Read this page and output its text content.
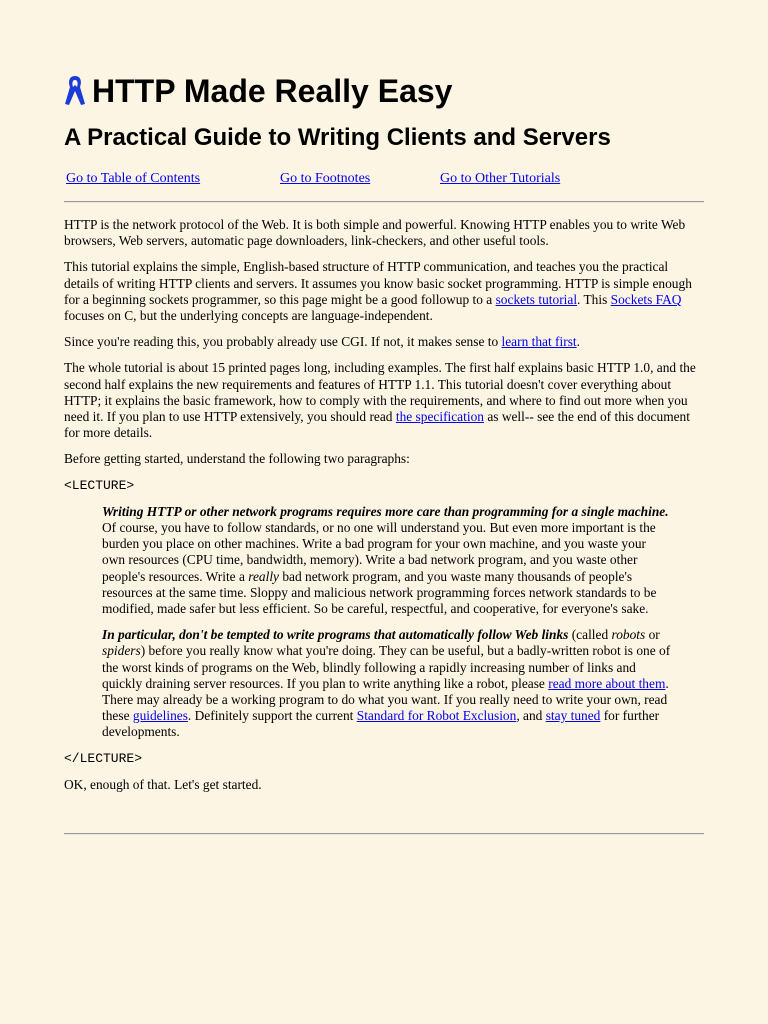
HTTP Made Really Easy
A Practical Guide to Writing Clients and Servers
Go to Table of Contents	Go to Footnotes	Go to Other Tutorials

HTTP is the network protocol of the Web. It is both simple and powerful. Knowing HTTP enables you to write Web browsers, Web servers, automatic page downloaders, link-checkers, and other useful tools.

This tutorial explains the simple, English-based structure of HTTP communication, and teaches you the practical details of writing HTTP clients and servers. It assumes you know basic socket programming. HTTP is simple enough for a beginning sockets programmer, so this page might be a good followup to a sockets tutorial. This Sockets FAQ focuses on C, but the underlying concepts are language-independent.

Since you're reading this, you probably already use CGI. If not, it makes sense to learn that first.

The whole tutorial is about 15 printed pages long, including examples. The first half explains basic HTTP 1.0, and the second half explains the new requirements and features of HTTP 1.1. This tutorial doesn't cover everything about HTTP; it explains the basic framework, how to comply with the requirements, and where to find out more when you need it. If you plan to use HTTP extensively, you should read the specification as well-- see the end of this document for more details.

Before getting started, understand the following two paragraphs:

<LECTURE>

Writing HTTP or other network programs requires more care than programming for a single machine. Of course, you have to follow standards, or no one will understand you. But even more important is the burden you place on other machines. Write a bad program for your own machine, and you waste your own resources (CPU time, bandwidth, memory). Write a bad network program, and you waste other people's resources. Write a really bad network program, and you waste many thousands of people's resources at the same time. Sloppy and malicious network programming forces network standards to be modified, made safer but less efficient. So be careful, respectful, and cooperative, for everyone's sake.

In particular, don't be tempted to write programs that automatically follow Web links (called robots or spiders) before you really know what you're doing. They can be useful, but a badly-written robot is one of the worst kinds of programs on the Web, blindly following a rapidly increasing number of links and quickly draining server resources. If you plan to write anything like a robot, please read more about them. There may already be a working program to do what you want. If you really need to write your own, read these guidelines. Definitely support the current Standard for Robot Exclusion, and stay tuned for further developments.

</LECTURE>

OK, enough of that. Let's get started.
